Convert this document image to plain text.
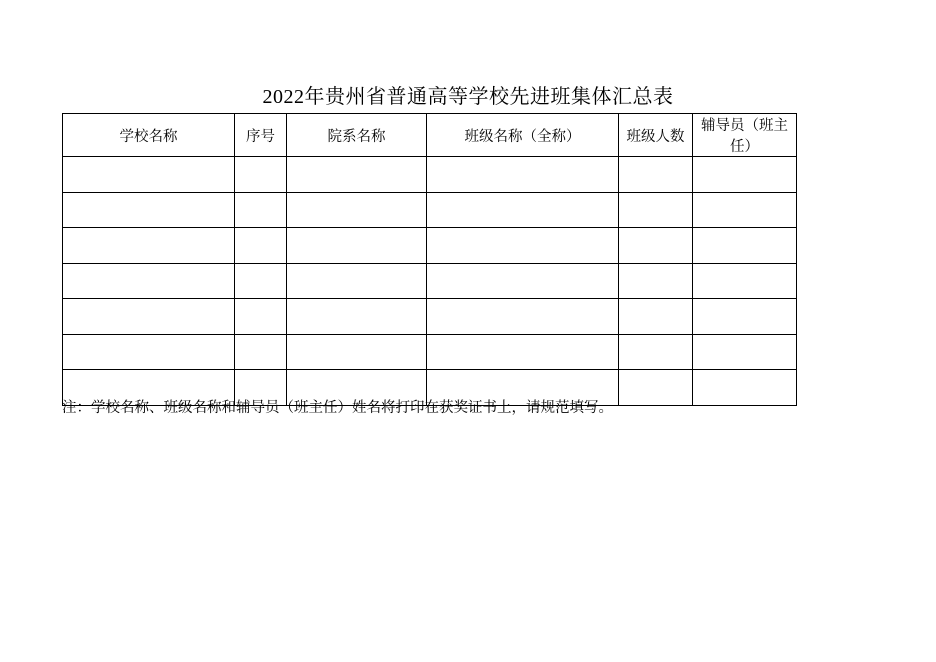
2022年贵州省普通高等学校先进班集体汇总表
学校名称	序号	院系名称	班级名称（全称）	班级人数	辅导员（班主任）

注：学校名称、班级名称和辅导员（班主任）姓名将打印在获奖证书上，请规范填写。
